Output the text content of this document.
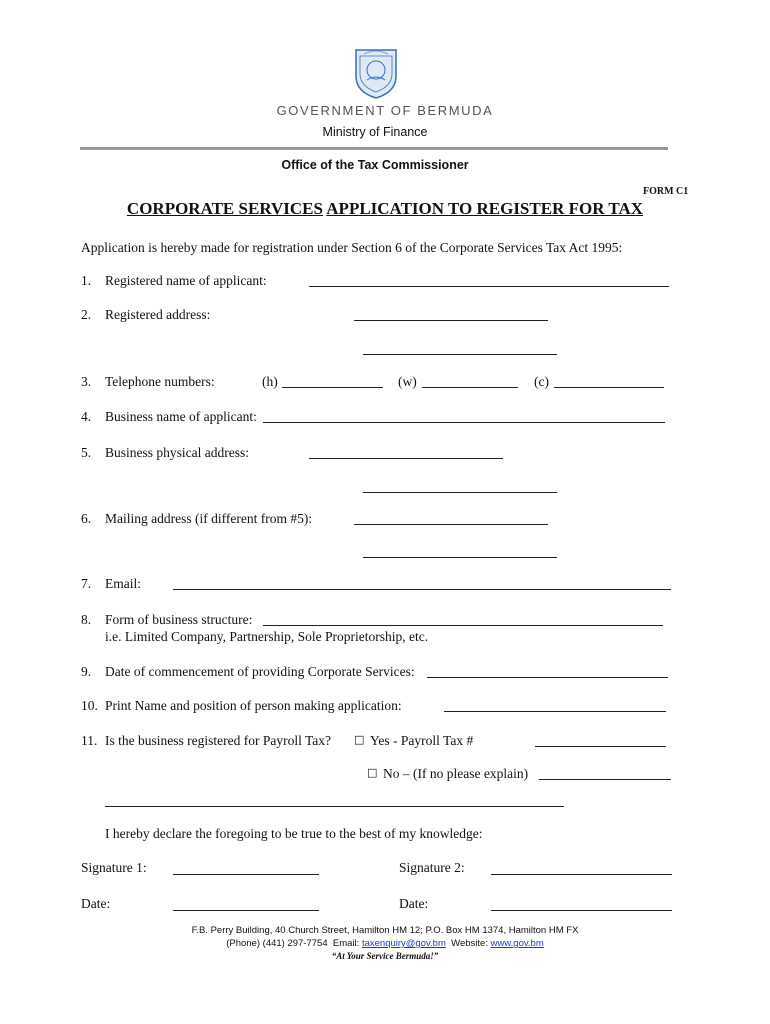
GOVERNMENT OF BERMUDA
Ministry of Finance
Office of the Tax Commissioner
FORM C1
CORPORATE SERVICES APPLICATION TO REGISTER FOR TAX
Application is hereby made for registration under Section 6 of the Corporate Services Tax Act 1995:
1. Registered name of applicant:
2. Registered address:
3. Telephone numbers:	(h)	(w)	(c)
4. Business name of applicant:
5. Business physical address:
6. Mailing address (if different from #5):
7. Email:
8. Form of business structure:
i.e. Limited Company, Partnership, Sole Proprietorship, etc.
9. Date of commencement of providing Corporate Services:
10. Print Name and position of person making application:
11. Is the business registered for Payroll Tax? □ Yes - Payroll Tax #
□ No – (If no please explain)
I hereby declare the foregoing to be true to the best of my knowledge:
Signature 1:	Signature 2:
Date:	Date:
F.B. Perry Building, 40 Church Street, Hamilton HM 12; P.O. Box HM 1374, Hamilton HM FX
(Phone) (441) 297-7754 Email: taxenquiry@gov.bm Website: www.gov.bm
“At Your Service Bermuda!”
